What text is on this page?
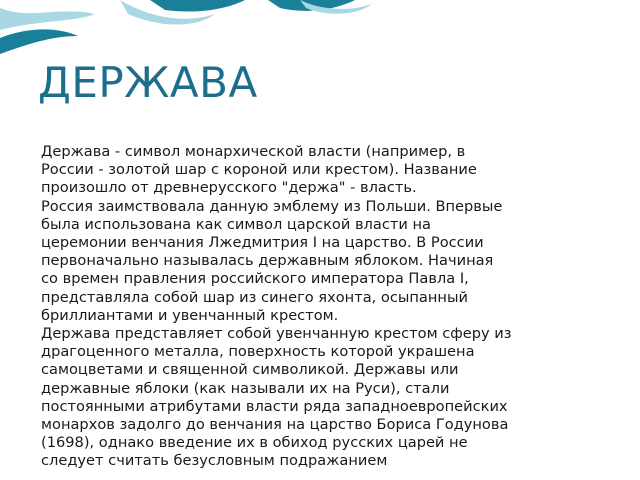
ДЕРЖАВА
Держава - символ монархической власти (например, в
России - золотой шар с короной или крестом). Название
произошло от древнерусского "держа" - власть.
Россия заимствовала данную эмблему из Польши. Впервые
была использована как символ царской власти на
церемонии венчания Лжедмитрия I на царство. В России
первоначально называлась державным яблоком. Начиная
со времен правления российского императора Павла I,
представляла собой шар из синего яхонта, осыпанный
бриллиантами и увенчанный крестом.
Держава представляет собой увенчанную крестом сферу из
драгоценного металла, поверхность которой украшена
самоцветами и священной символикой. Державы или
державные яблоки (как называли их на Руси), стали
постоянными атрибутами власти ряда западноевропейских
монархов задолго до венчания на царство Бориса Годунова
(1698), однако введение их в обиход русских царей не
следует считать безусловным подражанием
